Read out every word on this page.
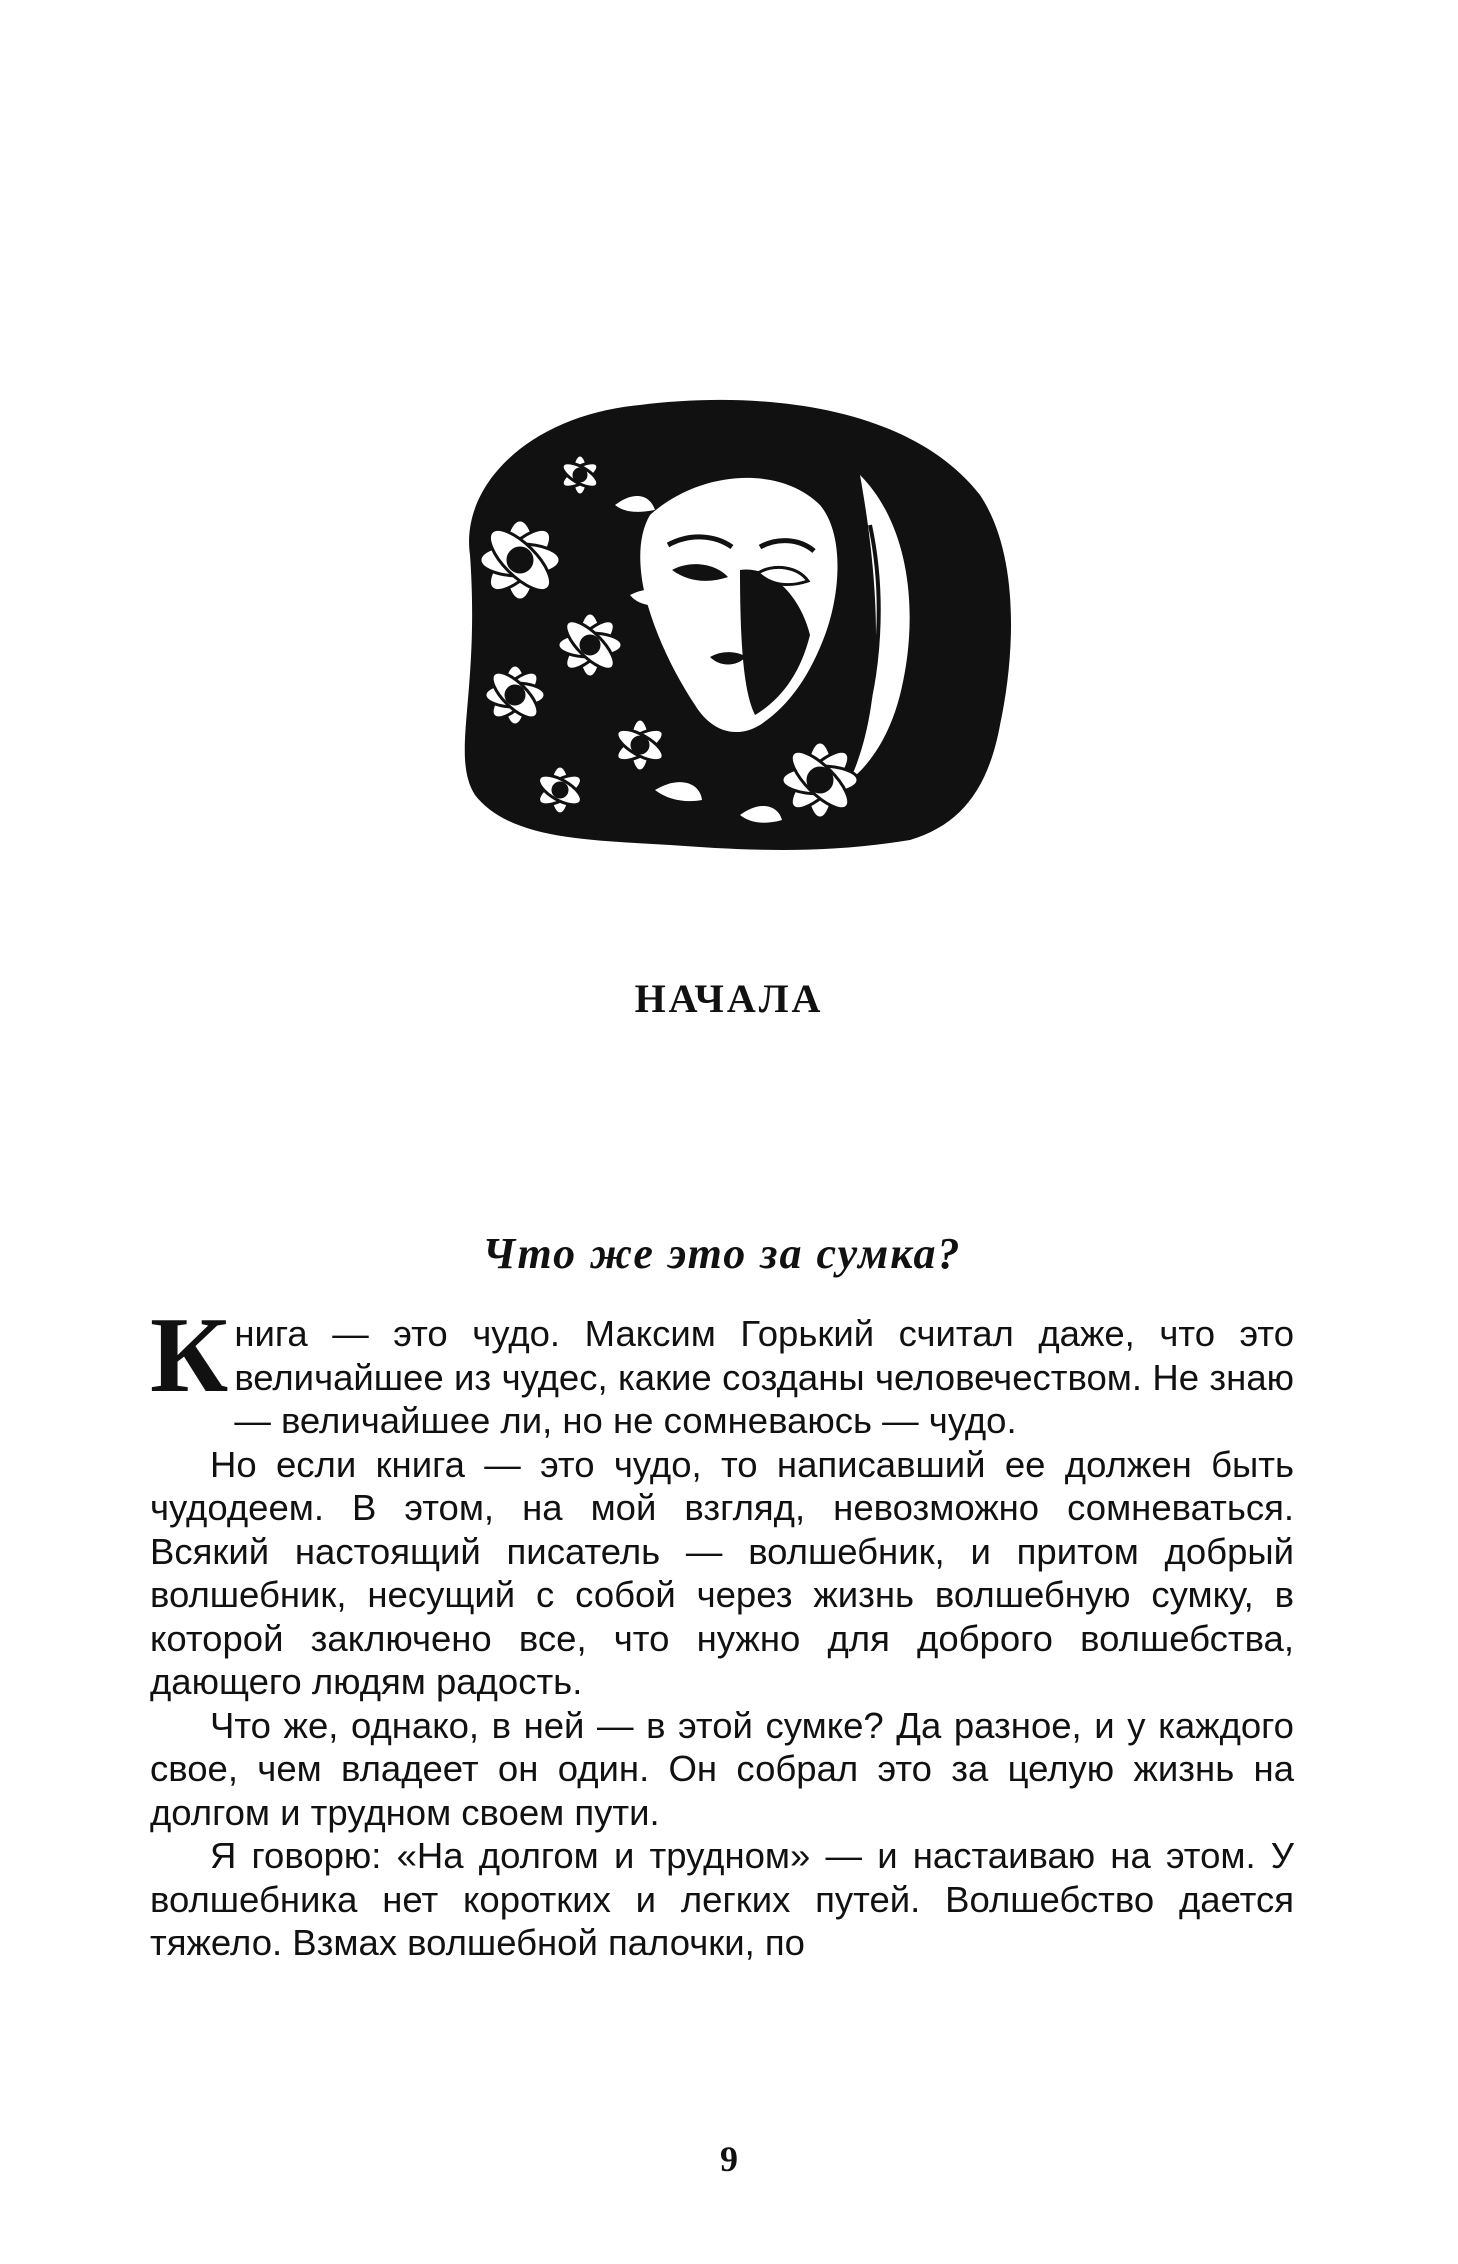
НАЧАЛА
Что же это за сумка?

Книга — это чудо. Максим Горький считал даже, что это величайшее из чудес, какие созданы человечеством. Не знаю — величайшее ли, но не сомневаюсь — чудо.

Но если книга — это чудо, то написавший ее должен быть чудодеем. В этом, на мой взгляд, невозможно сомневаться. Всякий настоящий писатель — волшебник, и притом добрый волшебник, несущий с собой через жизнь волшебную сумку, в которой заключено все, что нужно для доброго волшебства, дающего людям радость.

Что же, однако, в ней — в этой сумке? Да разное, и у каждого свое, чем владеет он один. Он собрал это за целую жизнь на долгом и трудном своем пути.

Я говорю: «На долгом и трудном» — и настаиваю на этом. У волшебника нет коротких и легких путей. Волшебство дается тяжело. Взмах волшебной палочки, по

9
